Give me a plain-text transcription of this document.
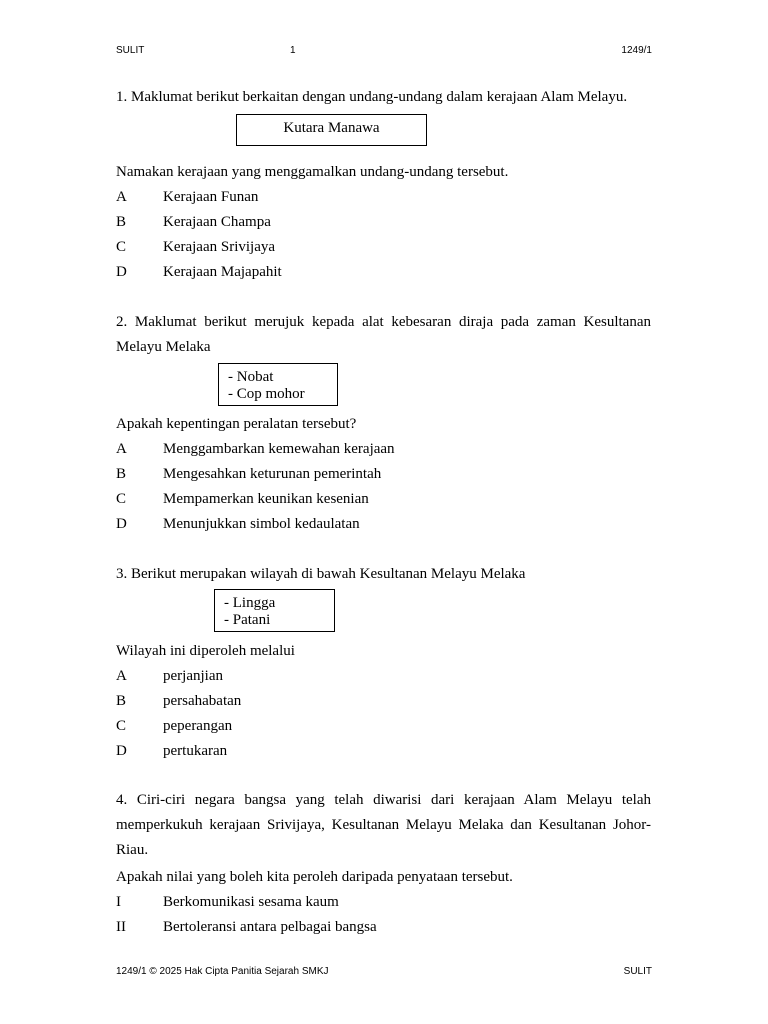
SULIT	1	1249/1
1. Maklumat berikut berkaitan dengan undang-undang dalam kerajaan Alam Melayu.
Kutara Manawa
Namakan kerajaan yang menggamalkan undang-undang tersebut.
A Kerajaan Funan
B Kerajaan Champa
C Kerajaan Srivijaya
D Kerajaan Majapahit
2. Maklumat berikut merujuk kepada alat kebesaran diraja pada zaman Kesultanan Melayu Melaka
- Nobat
- Cop mohor
Apakah kepentingan peralatan tersebut?
A Menggambarkan kemewahan kerajaan
B Mengesahkan keturunan pemerintah
C Mempamerkan keunikan kesenian
D Menunjukkan simbol kedaulatan
3. Berikut merupakan wilayah di bawah Kesultanan Melayu Melaka
- Lingga
- Patani
Wilayah ini diperoleh melalui
A perjanjian
B persahabatan
C peperangan
D pertukaran
4. Ciri-ciri negara bangsa yang telah diwarisi dari kerajaan Alam Melayu telah memperkukuh kerajaan Srivijaya, Kesultanan Melayu Melaka dan Kesultanan Johor-Riau.
Apakah nilai yang boleh kita peroleh daripada penyataan tersebut.
I	Berkomunikasi sesama kaum
II Bertoleransi antara pelbagai bangsa
1249/1 © 2025 Hak Cipta Panitia Sejarah SMKJ	SULIT
